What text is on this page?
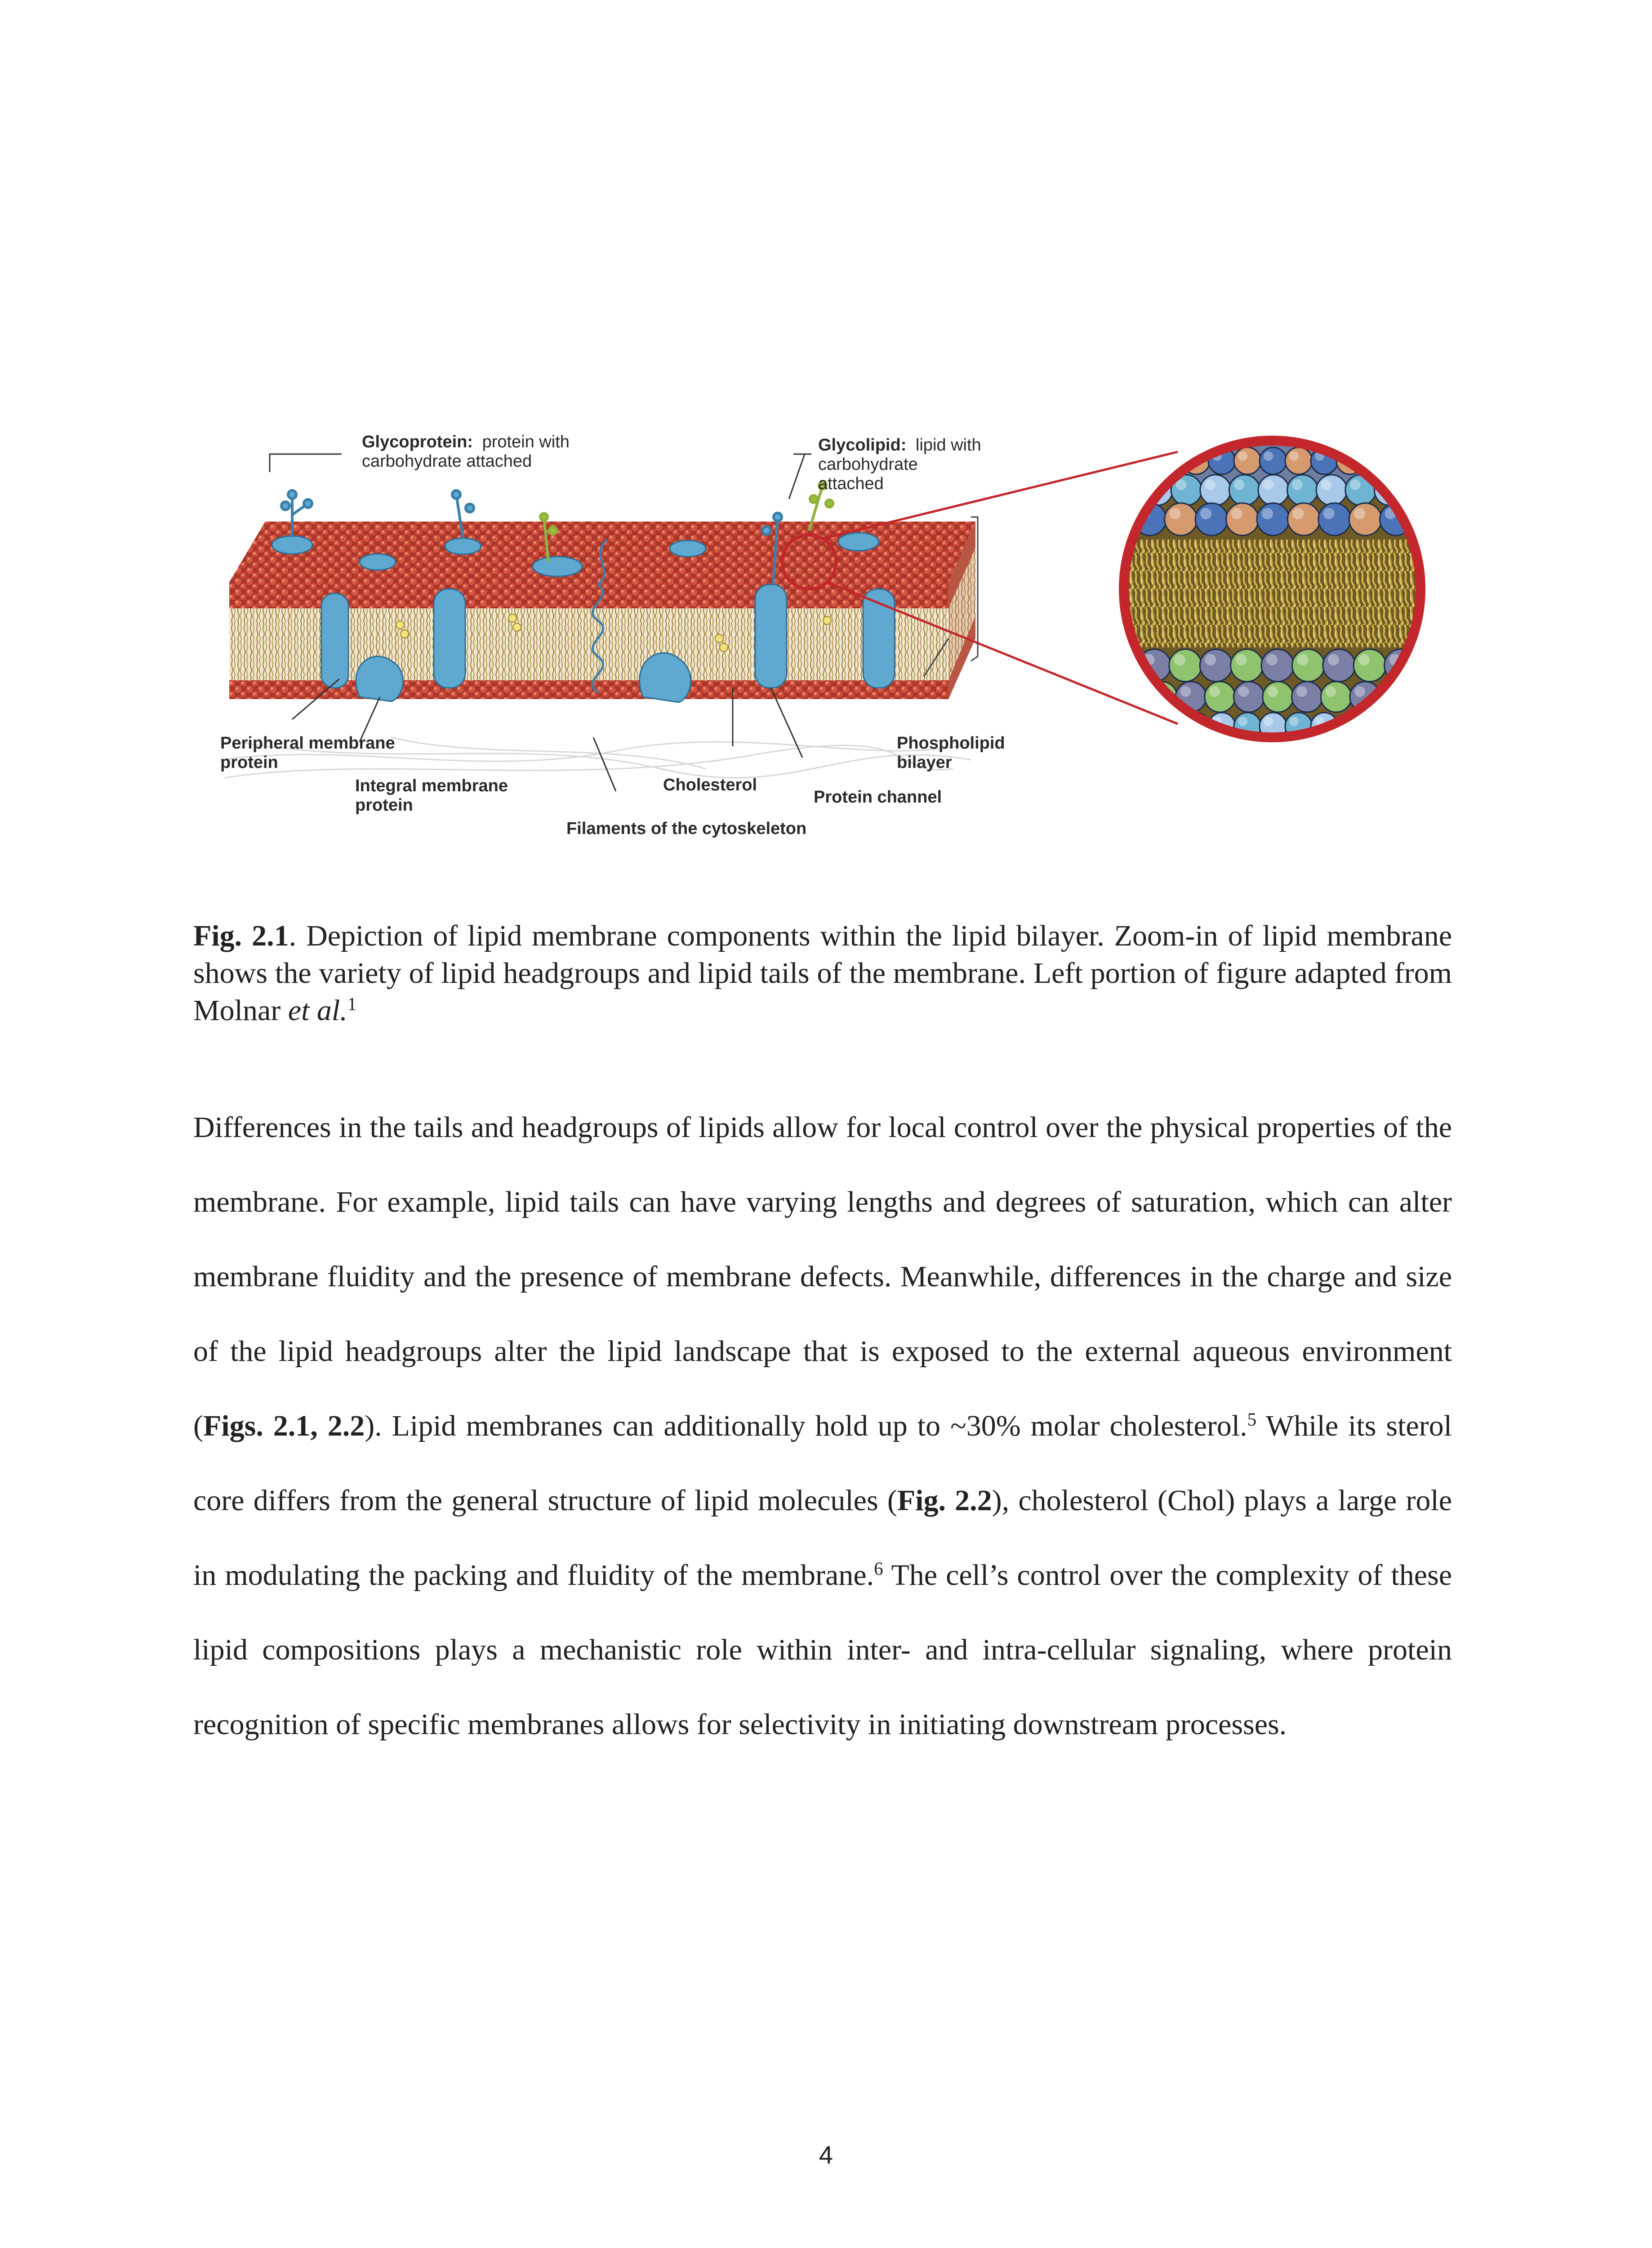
Glycoprotein: protein with
carbohydrate attached
Glycolipid: lipid with
carbohydrate
attached
Peripheral membrane
protein
Integral membrane
protein
Cholesterol
Protein channel
Phospholipid
bilayer
Filaments of the cytoskeleton

Fig. 2.1. Depiction of lipid membrane components within the lipid bilayer. Zoom-in of lipid membrane shows the variety of lipid headgroups and lipid tails of the membrane. Left portion of figure adapted from Molnar et al.$^1$

Differences in the tails and headgroups of lipids allow for local control over the physical properties of the membrane. For example, lipid tails can have varying lengths and degrees of saturation, which can alter membrane fluidity and the presence of membrane defects. Meanwhile, differences in the charge and size of the lipid headgroups alter the lipid landscape that is exposed to the external aqueous environment (Figs. 2.1, 2.2). Lipid membranes can additionally hold up to ~30% molar cholesterol.$^5$ While its sterol core differs from the general structure of lipid molecules (Fig. 2.2), cholesterol (Chol) plays a large role in modulating the packing and fluidity of the membrane.$^6$ The cell’s control over the complexity of these lipid compositions plays a mechanistic role within inter- and intra-cellular signaling, where protein recognition of specific membranes allows for selectivity in initiating downstream processes.

4
